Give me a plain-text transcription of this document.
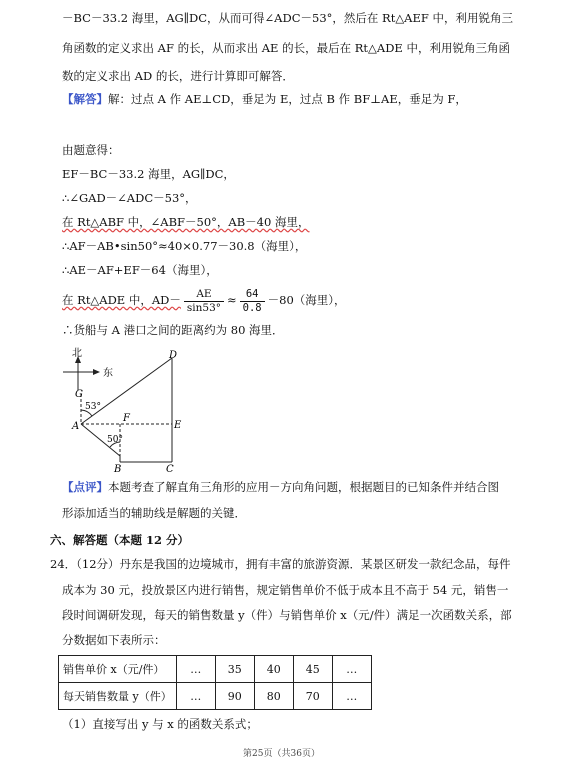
－BC－33.2 海里，AG∥DC，从而可得∠ADC－53°，然后在 Rt△AEF 中，利用锐角三
角函数的定义求出 AF 的长，从而求出 AE 的长，最后在 Rt△ADE 中，利用锐角三角函
数的定义求出 AD 的长，进行计算即可解答．
【解答】解：过点 A 作 AE⊥CD，垂足为 E，过点 B 作 BF⊥AE，垂足为 F，
由题意得：
EF－BC－33.2 海里，AG∥DC，
∴∠GAD－∠ADC－53°，
在 Rt△ABF 中，∠ABF－50°，AB－40 海里，
∴AF－AB•sin50°≈40×0.77－30.8（海里），
∴AE－AF+EF－64（海里），
在 Rt△ADE 中，$AD- \frac{AE}{\sin 53^\circ} \approx \frac{64}{0.8} -80$（海里），
∴货船与 A 港口之间的距离约为 80 海里．
北
东
D
G
A
F
E
B	C
53°
50°
【点评】本题考查了解直角三角形的应用－方向角问题，根据题目的已知条件并结合图
形添加适当的辅助线是解题的关键．
六、解答题（本题 12 分）
24．（12分）丹东是我国的边境城市，拥有丰富的旅游资源．某景区研发一款纪念品，每件
成本为 30 元，投放景区内进行销售，规定销售单价不低于成本且不高于 54 元，销售一
段时间调研发现，每天的销售数量 y（件）与销售单价 x（元/件）满足一次函数关系，部
分数据如下表所示：
销售单价 x（元/件）	…	35	40	45	…
每天销售数量 y（件）	…	90	80	70	…
（1）直接写出 y 与 x 的函数关系式；
第25页（共36页）
